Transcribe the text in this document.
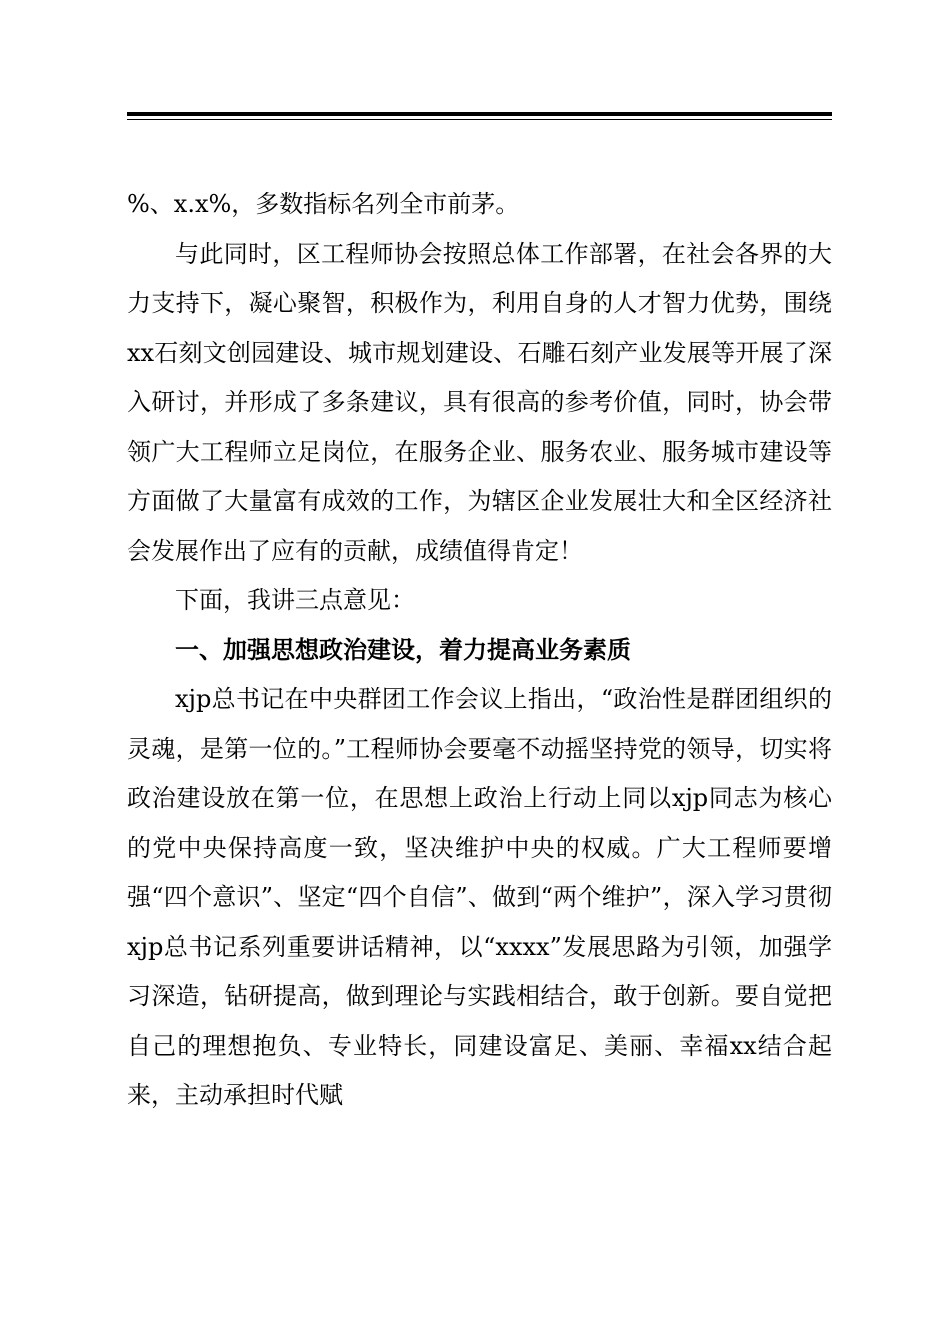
%、x.x%，多数指标名列全市前茅。

与此同时，区工程师协会按照总体工作部署，在社会各界的大力支持下，凝心聚智，积极作为，利用自身的人才智力优势，围绕xx石刻文创园建设、城市规划建设、石雕石刻产业发展等开展了深入研讨，并形成了多条建议，具有很高的参考价值，同时，协会带领广大工程师立足岗位，在服务企业、服务农业、服务城市建设等方面做了大量富有成效的工作，为辖区企业发展壮大和全区经济社会发展作出了应有的贡献，成绩值得肯定！

下面，我讲三点意见：

一、加强思想政治建设，着力提高业务素质

xjp总书记在中央群团工作会议上指出，“政治性是群团组织的灵魂，是第一位的。”工程师协会要毫不动摇坚持党的领导，切实将政治建设放在第一位，在思想上政治上行动上同以xjp同志为核心的党中央保持高度一致，坚决维护中央的权威。广大工程师要增强“四个意识”、坚定“四个自信”、做到“两个维护”，深入学习贯彻xjp总书记系列重要讲话精神，以“xxxx”发展思路为引领，加强学习深造，钻研提高，做到理论与实践相结合，敢于创新。要自觉把自己的理想抱负、专业特长，同建设富足、美丽、幸福xx结合起来，主动承担时代赋
